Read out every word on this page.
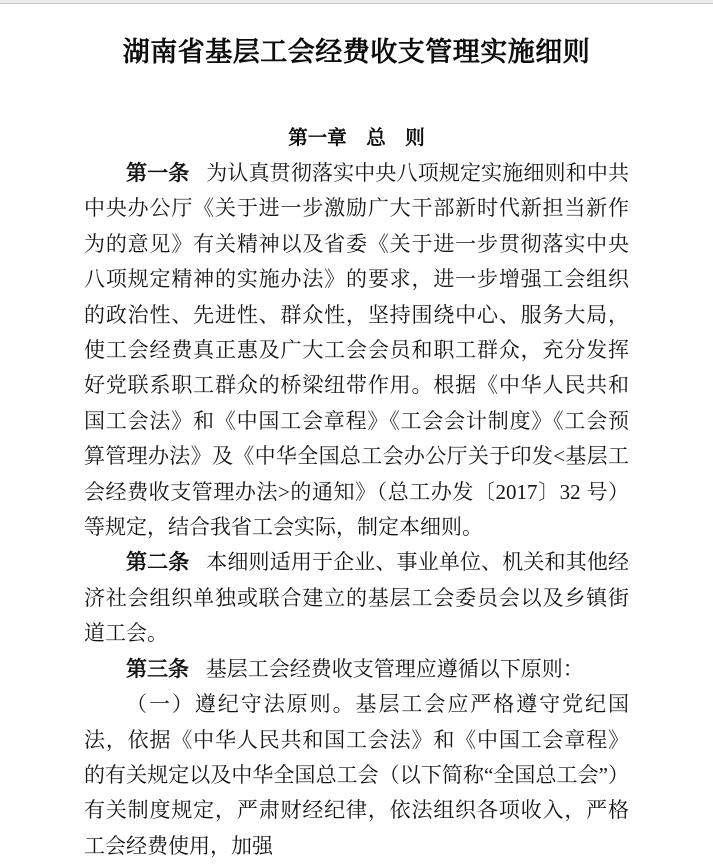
湖南省基层工会经费收支管理实施细则
第一章　总　则

第一条 为认真贯彻落实中央八项规定实施细则和中共中央办公厅《关于进一步激励广大干部新时代新担当新作为的意见》有关精神以及省委《关于进一步贯彻落实中央八项规定精神的实施办法》的要求，进一步增强工会组织的政治性、先进性、群众性，坚持围绕中心、服务大局，使工会经费真正惠及广大工会会员和职工群众，充分发挥好党联系职工群众的桥梁纽带作用。根据《中华人民共和国工会法》和《中国工会章程》《工会会计制度》《工会预算管理办法》及《中华全国总工会办公厅关于印发<基层工会经费收支管理办法>的通知》（总工办发〔2017〕32 号）等规定，结合我省工会实际，制定本细则。

第二条 本细则适用于企业、事业单位、机关和其他经济社会组织单独或联合建立的基层工会委员会以及乡镇街道工会。

第三条 基层工会经费收支管理应遵循以下原则：

（一）遵纪守法原则。基层工会应严格遵守党纪国法，依据《中华人民共和国工会法》和《中国工会章程》的有关规定以及中华全国总工会（以下简称“全国总工会”）有关制度规定，严肃财经纪律，依法组织各项收入，严格工会经费使用，加强
